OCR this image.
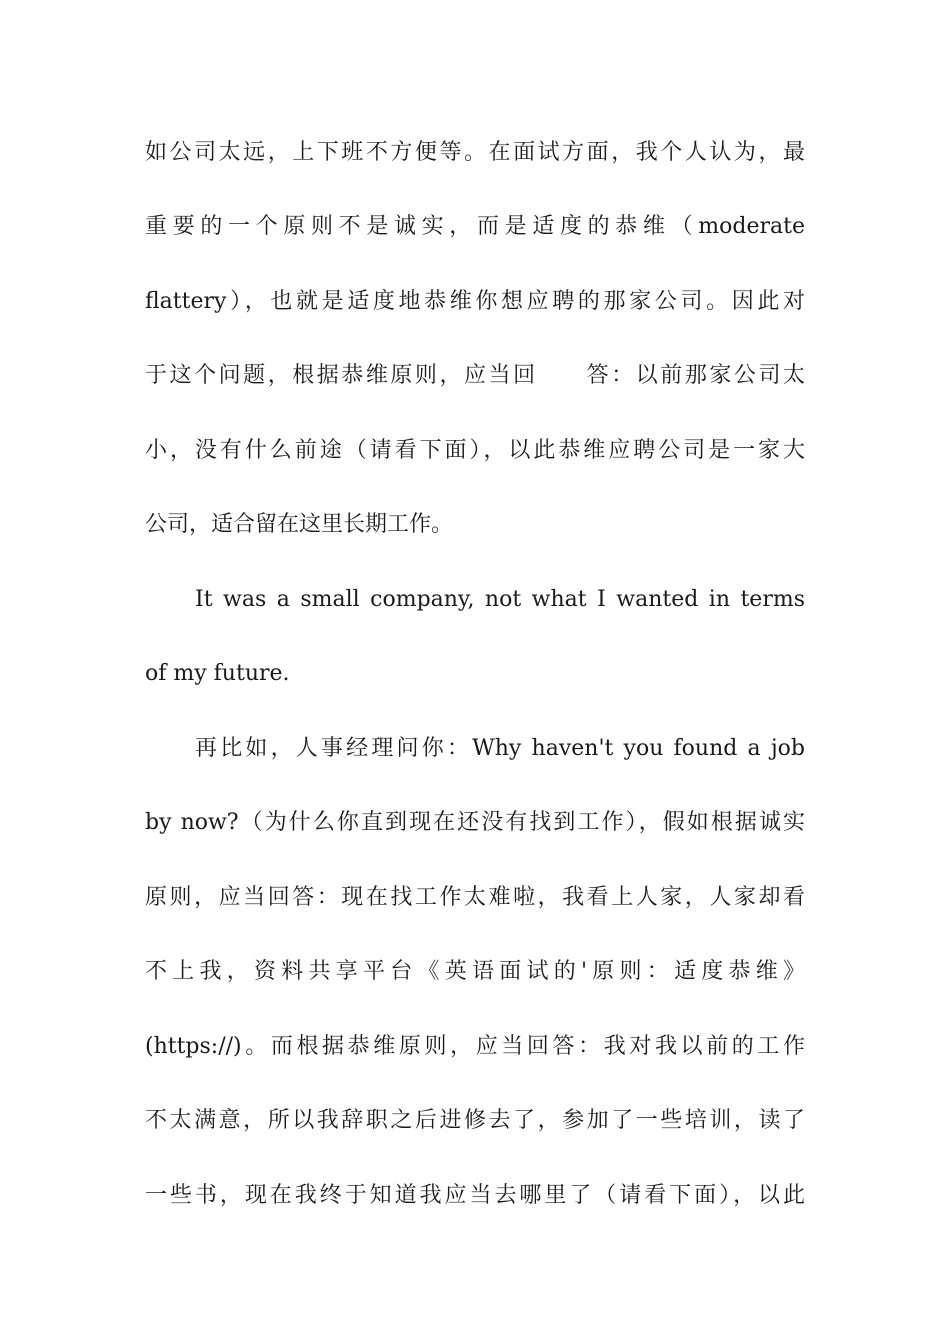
如公司太远，上下班不方便等。在面试方面，我个人认为，最
重要的一个原则不是诚实，而是适度的恭维（moderate
flattery），也就是适度地恭维你想应聘的那家公司。因此对
于这个问题，根据恭维原则，应当回　　答：以前那家公司太
小，没有什么前途（请看下面），以此恭维应聘公司是一家大
公司，适合留在这里长期工作。
It was a small company, not what I wanted in terms
of my future.
再比如，人事经理问你：Why haven't you found a job
by now?（为什么你直到现在还没有找到工作），假如根据诚实
原则，应当回答：现在找工作太难啦，我看上人家，人家却看
不上我，资料共享平台《英语面试的'原则：适度恭维》
(https://)。而根据恭维原则，应当回答：我对我以前的工作
不太满意，所以我辞职之后进修去了，参加了一些培训，读了
一些书，现在我终于知道我应当去哪里了（请看下面），以此
